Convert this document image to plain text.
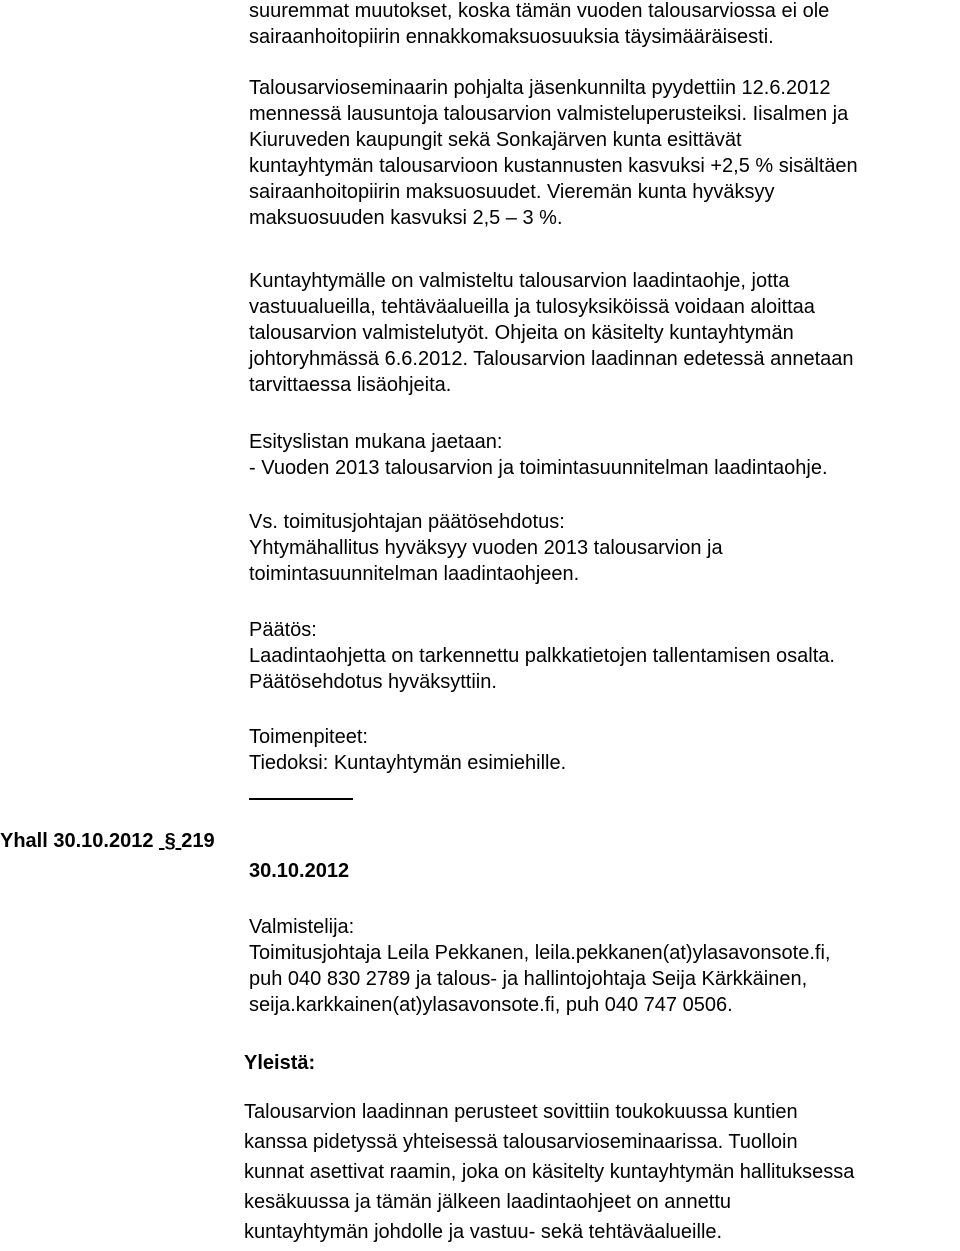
suuremmat muutokset, koska tämän vuoden talousarviossa ei ole
sairaanhoitopiirin ennakkomaksuosuuksia täysimääräisesti.
Talousarvioseminaarin pohjalta jäsenkunnilta pyydettiin 12.6.2012
mennessä lausuntoja talousarvion valmisteluperusteiksi. Iisalmen ja
Kiuruveden kaupungit sekä Sonkajärven kunta esittävät
kuntayhtymän talousarvioon kustannusten kasvuksi +2,5 % sisältäen
sairaanhoitopiirin maksuosuudet. Vieremän kunta hyväksyy
maksuosuuden kasvuksi 2,5 – 3 %.
Kuntayhtymälle on valmisteltu talousarvion laadintaohje, jotta
vastuualueilla, tehtäväalueilla ja tulosyksiköissä voidaan aloittaa
talousarvion valmistelutyöt. Ohjeita on käsitelty kuntayhtymän
johtoryhmässä 6.6.2012. Talousarvion laadinnan edetessä annetaan
tarvittaessa lisäohjeita.
Esityslistan mukana jaetaan:
- Vuoden 2013 talousarvion ja toimintasuunnitelman laadintaohje.
Vs. toimitusjohtajan päätösehdotus:
Yhtymähallitus hyväksyy vuoden 2013 talousarvion ja
toimintasuunnitelman laadintaohjeen.
Päätös:
Laadintaohjetta on tarkennettu palkkatietojen tallentamisen osalta.
Päätösehdotus hyväksyttiin.
Toimenpiteet:
Tiedoksi: Kuntayhtymän esimiehille.
Yhall 30.10.2012  § 219
30.10.2012
Valmistelija:
Toimitusjohtaja Leila Pekkanen, leila.pekkanen(at)ylasavonsote.fi,
puh 040 830 2789 ja talous- ja hallintojohtaja Seija Kärkkäinen,
seija.karkkainen(at)ylasavonsote.fi, puh 040 747 0506.
Yleistä:
Talousarvion laadinnan perusteet sovittiin toukokuussa kuntien
kanssa pidetyssä yhteisessä talousarvioseminaarissa. Tuolloin
kunnat asettivat raamin, joka on käsitelty kuntayhtymän hallituksessa
kesäkuussa ja tämän jälkeen laadintaohjeet on annettu
kuntayhtymän johdolle ja vastuu- sekä tehtäväalueille.
